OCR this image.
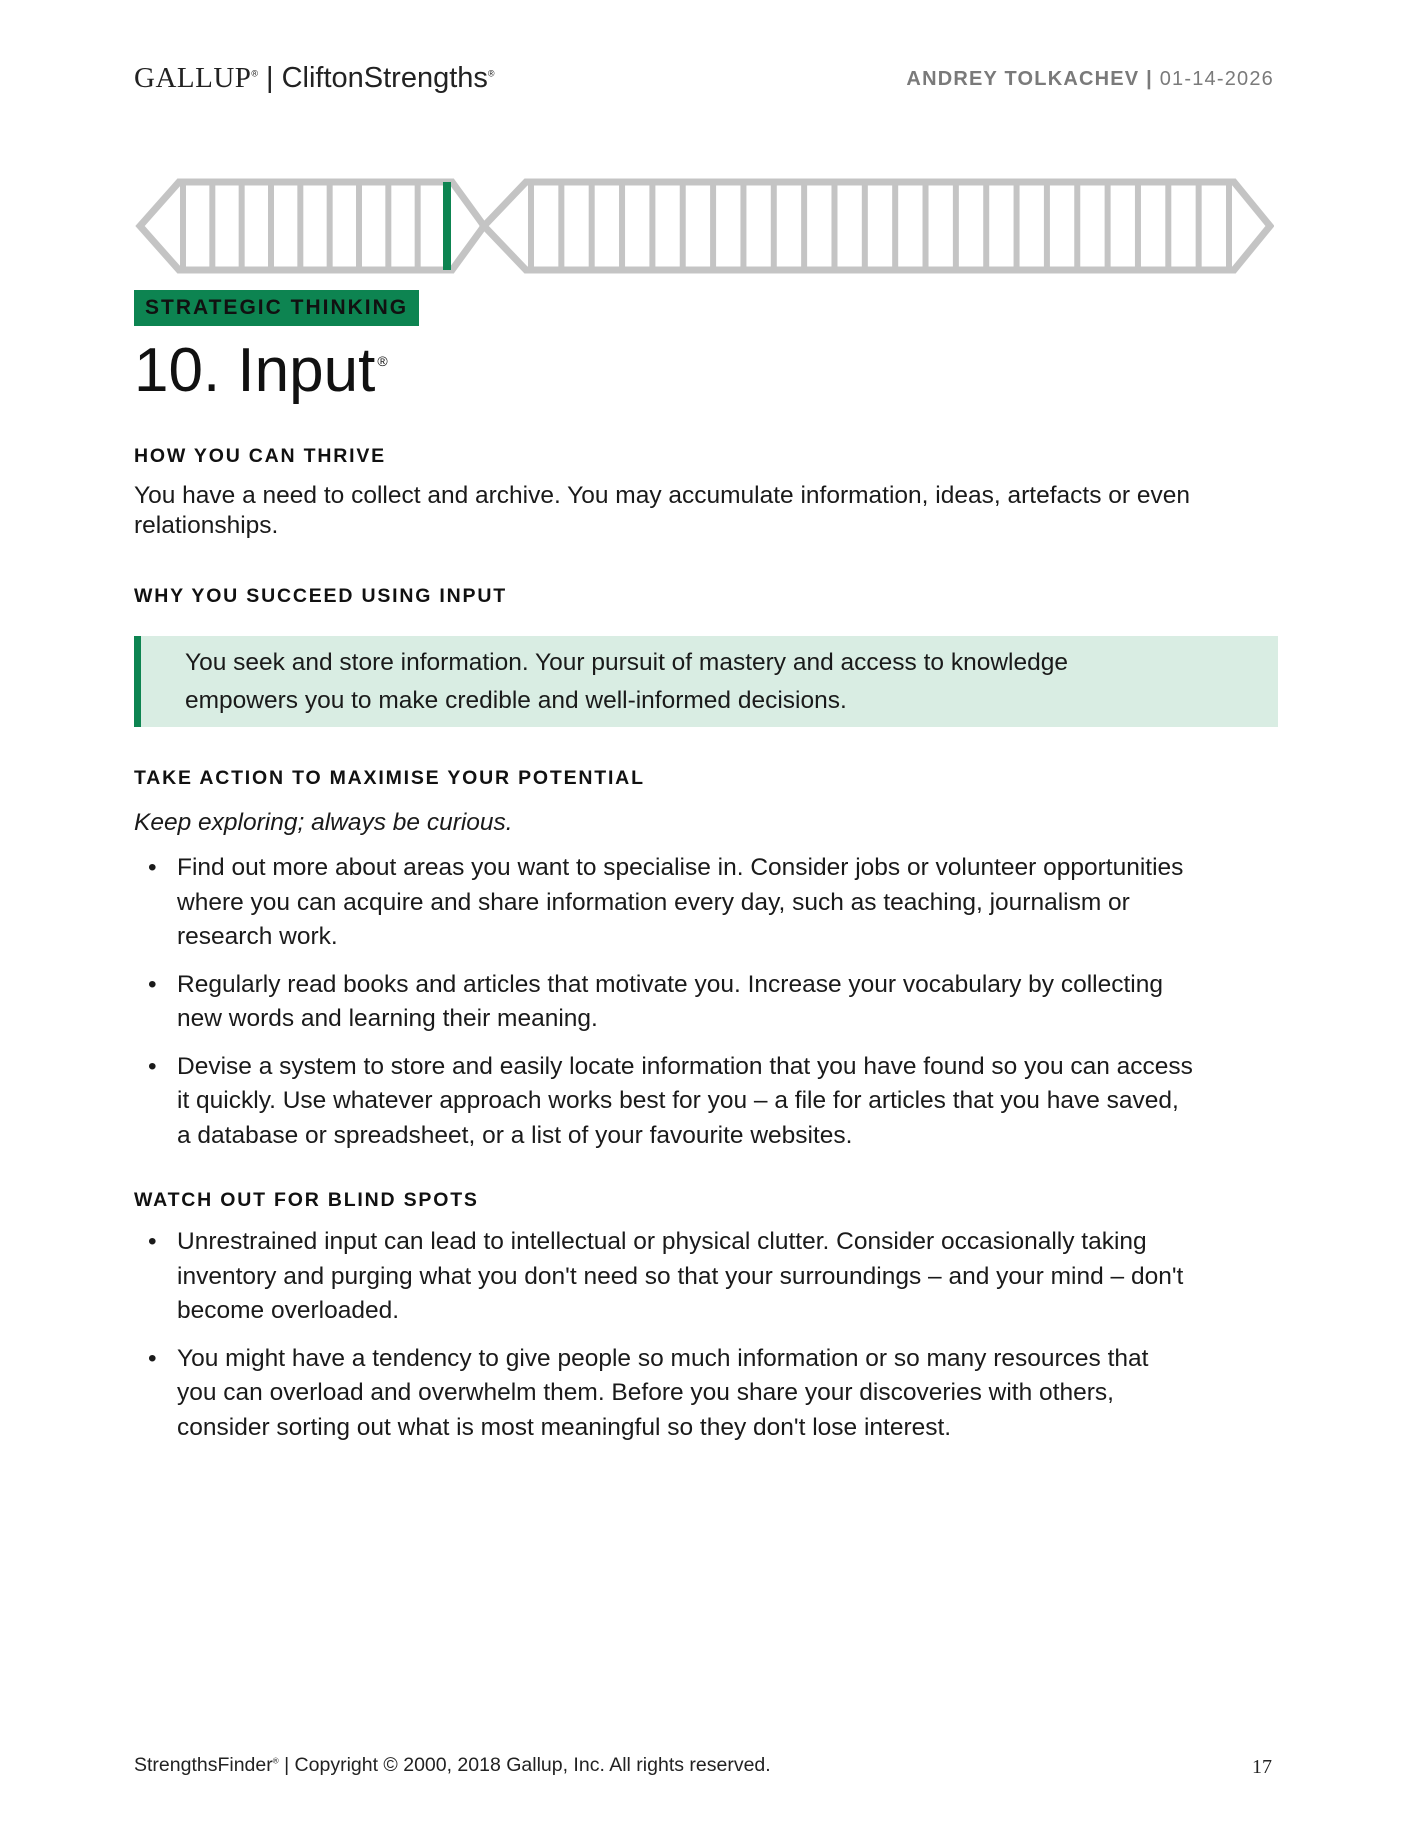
GALLUP® | CliftonStrengths®	ANDREY TOLKACHEV | 01-14-2026
STRATEGIC THINKING
10. Input ®
HOW YOU CAN THRIVE
You have a need to collect and archive. You may accumulate information, ideas, artefacts or even relationships.
WHY YOU SUCCEED USING INPUT
You seek and store information. Your pursuit of mastery and access to knowledge empowers you to make credible and well-informed decisions.
TAKE ACTION TO MAXIMISE YOUR POTENTIAL
Keep exploring; always be curious.
• Find out more about areas you want to specialise in. Consider jobs or volunteer opportunities where you can acquire and share information every day, such as teaching, journalism or research work.
• Regularly read books and articles that motivate you. Increase your vocabulary by collecting new words and learning their meaning.
• Devise a system to store and easily locate information that you have found so you can access it quickly. Use whatever approach works best for you – a file for articles that you have saved, a database or spreadsheet, or a list of your favourite websites.
WATCH OUT FOR BLIND SPOTS
• Unrestrained input can lead to intellectual or physical clutter. Consider occasionally taking inventory and purging what you don't need so that your surroundings – and your mind – don't become overloaded.
• You might have a tendency to give people so much information or so many resources that you can overload and overwhelm them. Before you share your discoveries with others, consider sorting out what is most meaningful so they don't lose interest.
StrengthsFinder® | Copyright © 2000, 2018 Gallup, Inc. All rights reserved.	17
